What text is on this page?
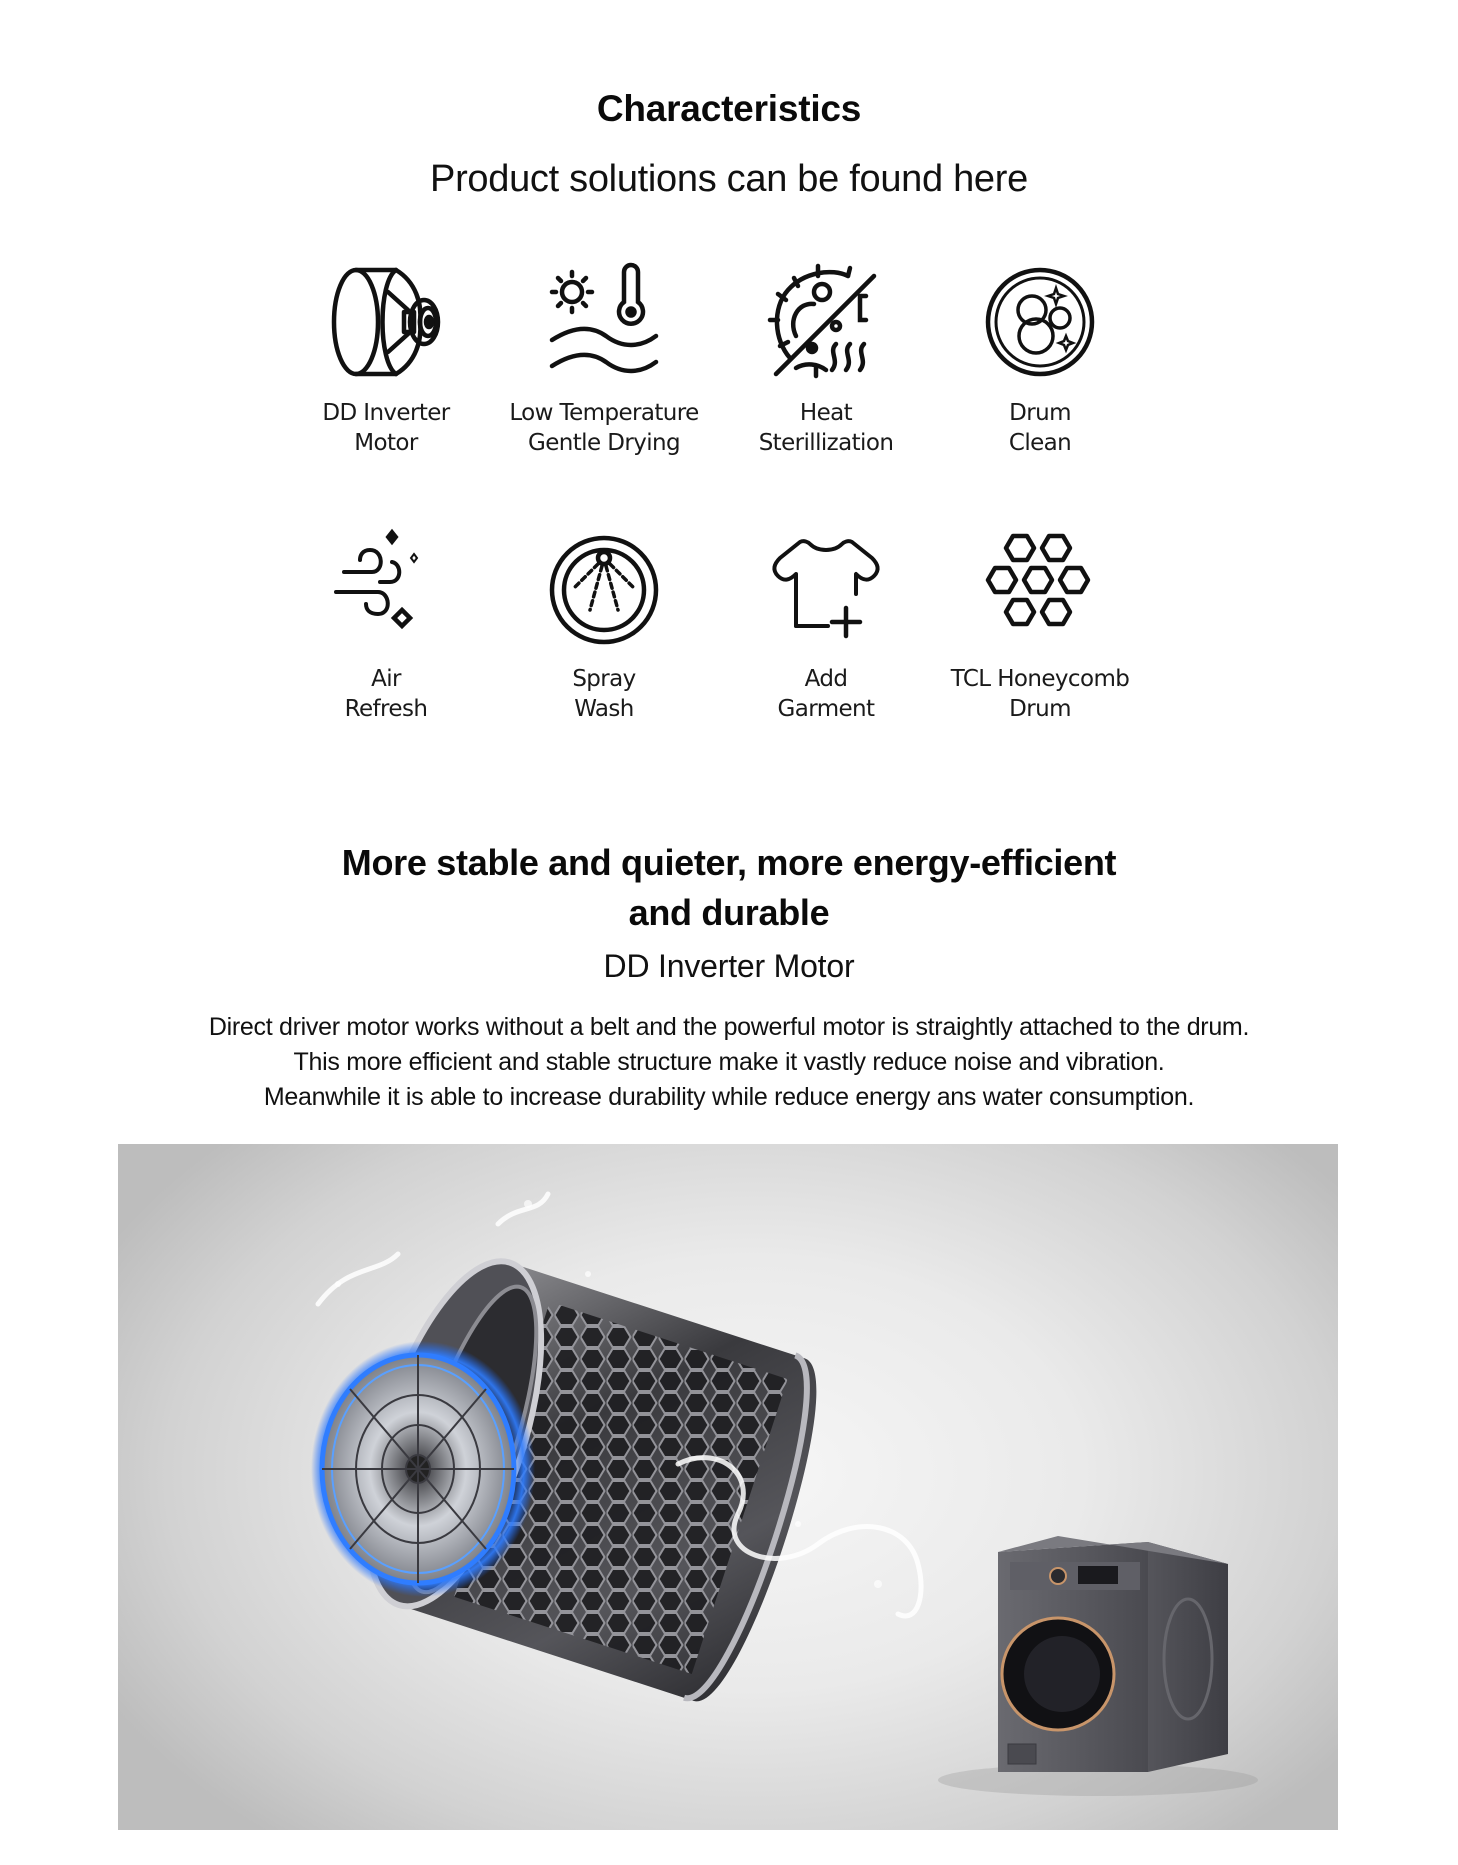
Characteristics

Product solutions can be found here

DD Inverter
Motor
Low Temperature
Gentle Drying
Heat
Sterillization
Drum
Clean
Air
Refresh
Spray
Wash
Add
Garment
TCL Honeycomb
Drum
More stable and quieter, more energy-efficient
and durable

DD Inverter Motor

Direct driver motor works without a belt and the powerful motor is straightly attached to the drum.
This more efficient and stable structure make it vastly reduce noise and vibration.
Meanwhile it is able to increase durability while reduce energy ans water consumption.
